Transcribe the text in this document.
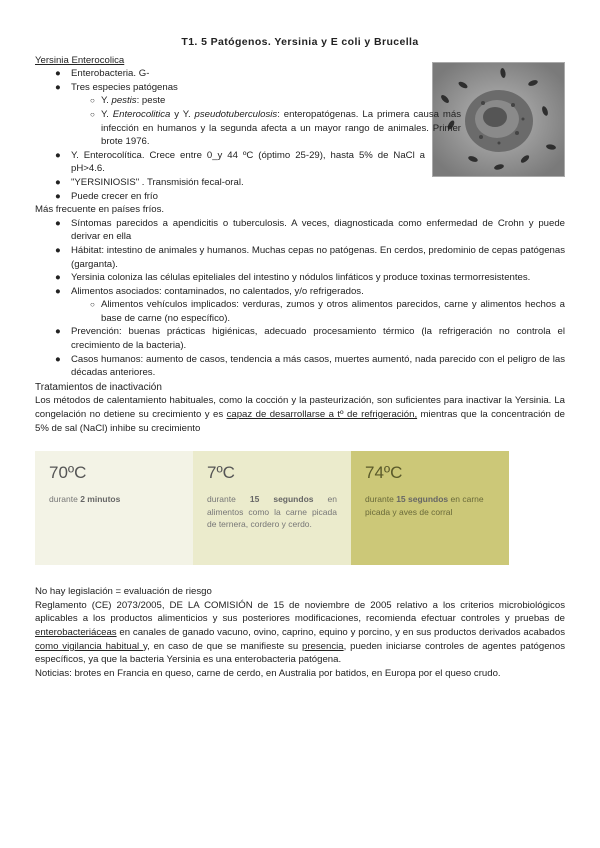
T1. 5 Patógenos. Yersinia y E coli y Brucella

Yersinia Enterocolica

● Enterobacteria. G-
● Tres especies patógenas
○ Y. pestis: peste
○ Y. Enterocolitica y Y. pseudotuberculosis: enteropatógenas. La primera causa más infección en humanos y la segunda afecta a un mayor rango de animales. Primer brote 1976.
● Y. Enterocolítica. Crece entre 0_y 44 ºC (óptimo 25-29), hasta 5% de NaCl a pH>4.6.
● "YERSINIOSIS" . Transmisión fecal-oral.
● Puede crecer en frío

Más frecuente en países fríos.

● Síntomas parecidos a apendicitis o tuberculosis. A veces, diagnosticada como enfermedad de Crohn y puede derivar en ella
● Hábitat: intestino de animales y humanos. Muchas cepas no patógenas. En cerdos, predominio de cepas patógenas (garganta).
● Yersinia coloniza las células epiteliales del intestino y nódulos linfáticos y produce toxinas termorresistentes.
● Alimentos asociados: contaminados, no calentados, y/o refrigerados.
○ Alimentos vehículos implicados: verduras, zumos y otros alimentos parecidos, carne y alimentos hechos a base de carne (no específico).
● Prevención: buenas prácticas higiénicas, adecuado procesamiento térmico (la refrigeración no controla el crecimiento de la bacteria).
● Casos humanos: aumento de casos, tendencia a más casos, muertes aumentó, nada parecido con el peligro de las décadas anteriores.

Tratamientos de inactivación

Los métodos de calentamiento habituales, como la cocción y la pasteurización, son suficientes para inactivar la Yersinia. La congelación no detiene su crecimiento y es capaz de desarrollarse a tº de refrigeración, mientras que la concentración de 5% de sal (NaCl) inhibe su crecimiento

70ºC
durante 2 minutos
7ºC
durante 15 segundos en alimentos como la carne picada de ternera, cordero y cerdo.
74ºC
durante 15 segundos en carne picada y aves de corral

No hay legislación = evaluación de riesgo

Reglamento (CE) 2073/2005, DE LA COMISIÓN de 15 de noviembre de 2005 relativo a los criterios microbiológicos aplicables a los productos alimenticios y sus posteriores modificaciones, recomienda efectuar controles y pruebas de enterobacteriáceas en canales de ganado vacuno, ovino, caprino, equino y porcino, y en sus productos derivados acabados como vigilancia habitual y, en caso de que se manifieste su presencia, pueden iniciarse controles de agentes patógenos específicos, ya que la bacteria Yersinia es una enterobacteria patógena.

Noticias: brotes en Francia en queso, carne de cerdo, en Australia por batidos, en Europa por el queso crudo.
